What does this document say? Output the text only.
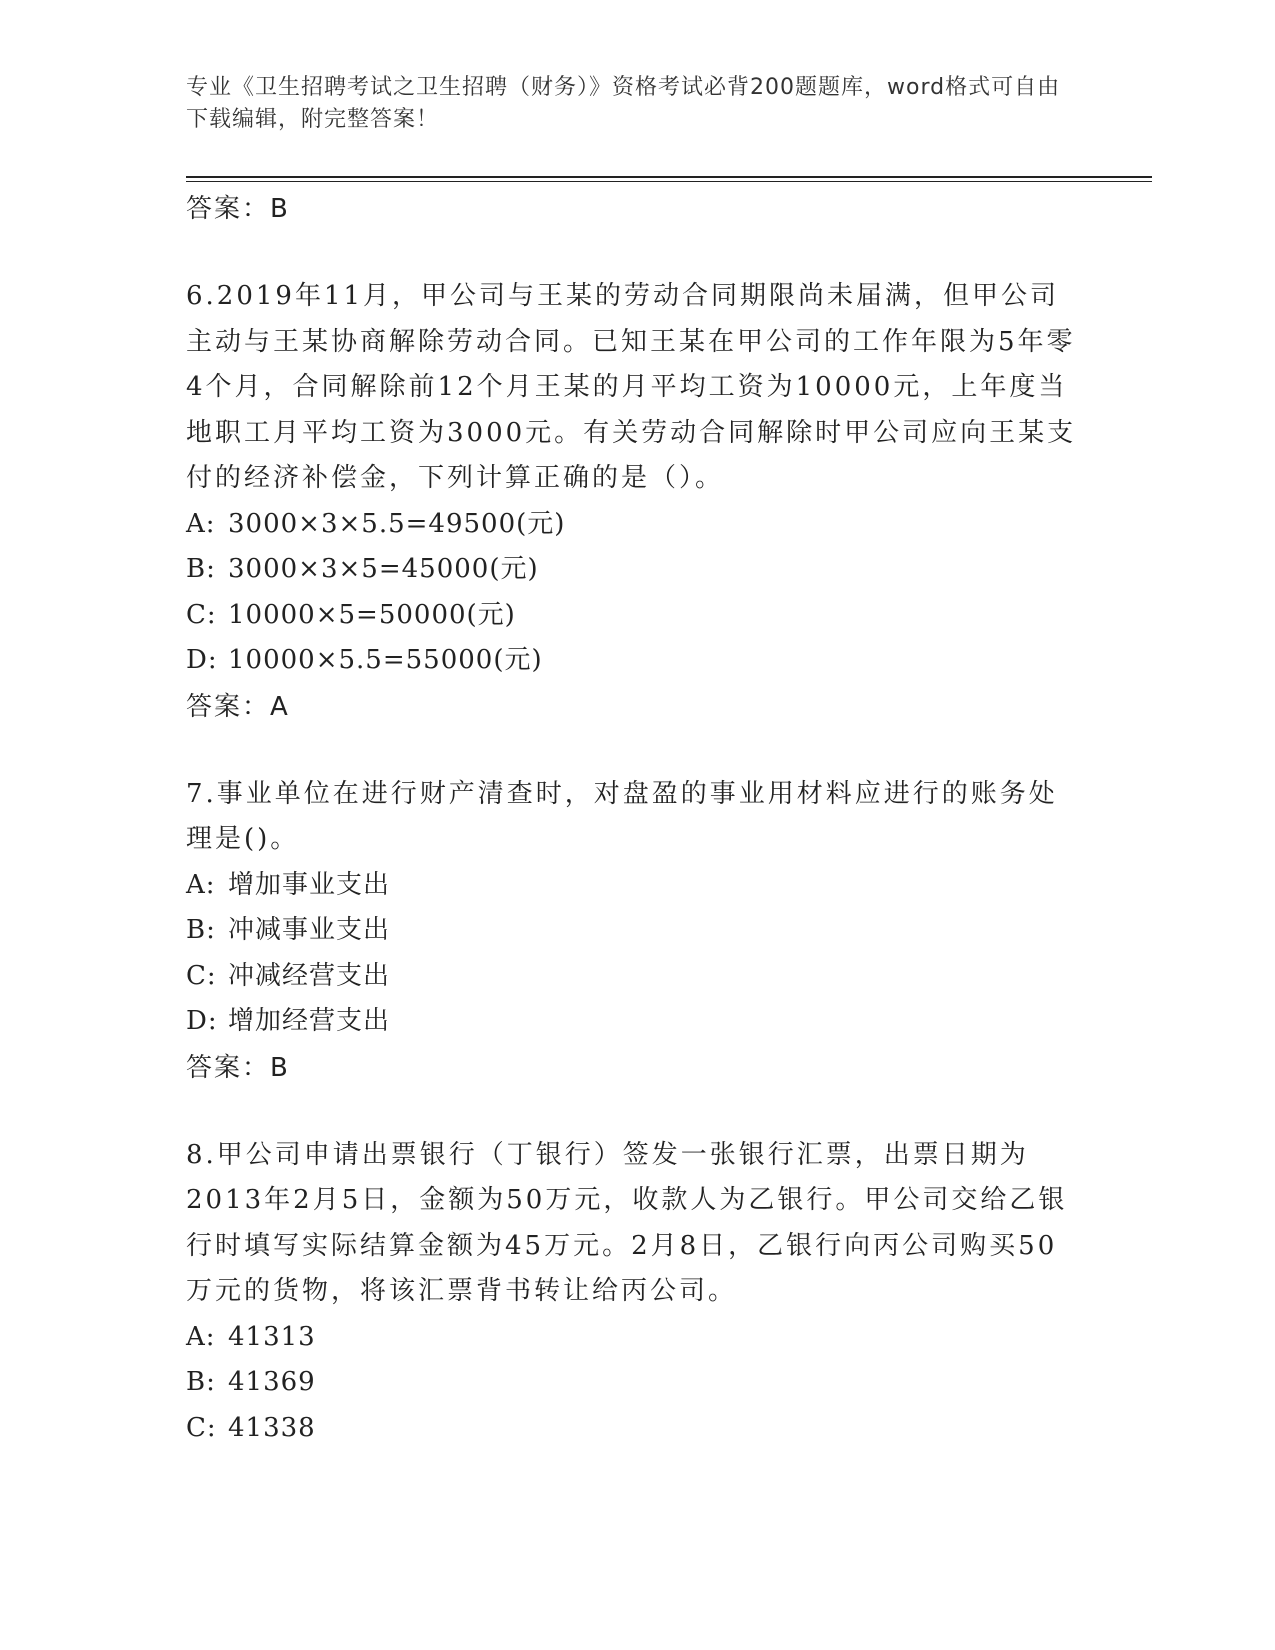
专业《卫生招聘考试之卫生招聘（财务）》资格考试必背200题题库，word格式可自由下载编辑，附完整答案！
答案：B
6.2019年11月，甲公司与王某的劳动合同期限尚未届满，但甲公司主动与王某协商解除劳动合同。已知王某在甲公司的工作年限为5年零4个月，合同解除前12个月王某的月平均工资为10000元，上年度当地职工月平均工资为3000元。有关劳动合同解除时甲公司应向王某支付的经济补偿金，下列计算正确的是（）。
A: 3000×3×5.5=49500(元)
B: 3000×3×5=45000(元)
C: 10000×5=50000(元)
D: 10000×5.5=55000(元)
答案：A
7.事业单位在进行财产清查时，对盘盈的事业用材料应进行的账务处理是()。
A: 增加事业支出
B: 冲减事业支出
C: 冲减经营支出
D: 增加经营支出
答案：B
8.甲公司申请出票银行（丁银行）签发一张银行汇票，出票日期为2013年2月5日，金额为50万元，收款人为乙银行。甲公司交给乙银行时填写实际结算金额为45万元。2月8日，乙银行向丙公司购买50万元的货物，将该汇票背书转让给丙公司。
A: 41313
B: 41369
C: 41338
